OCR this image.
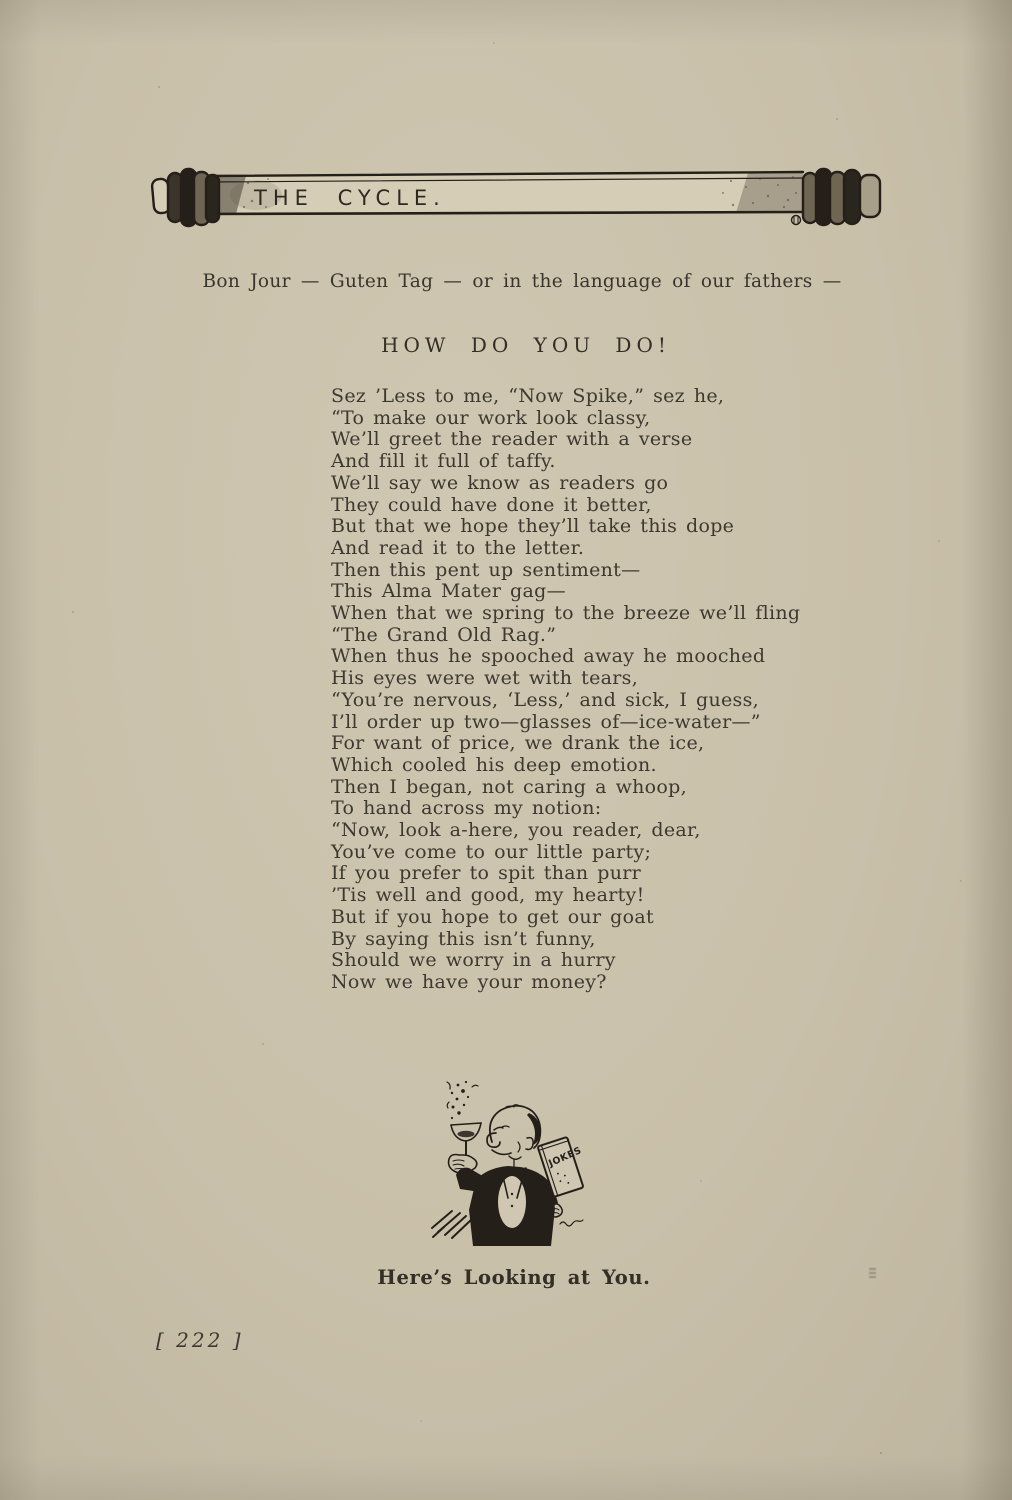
THE CYCLE.
Bon Jour — Guten Tag — or in the language of our fathers —
HOW DO YOU DO!
Sez ’Less to me, “Now Spike,” sez he,
“To make our work look classy,
We’ll greet the reader with a verse
And fill it full of taffy.
We’ll say we know as readers go
They could have done it better,
But that we hope they’ll take this dope
And read it to the letter.
Then this pent up sentiment—
This Alma Mater gag—
When that we spring to the breeze we’ll fling
“The Grand Old Rag.”
When thus he spooched away he mooched
His eyes were wet with tears,
“You’re nervous, ‘Less,’ and sick, I guess,
I’ll order up two—glasses of—ice-water—”
For want of price, we drank the ice,
Which cooled his deep emotion.
Then I began, not caring a whoop,
To hand across my notion:
“Now, look a-here, you reader, dear,
You’ve come to our little party;
If you prefer to spit than purr
’Tis well and good, my hearty!
But if you hope to get our goat
By saying this isn’t funny,
Should we worry in a hurry
Now we have your money?
JOKES
Here’s Looking at You.
[ 222 ]
